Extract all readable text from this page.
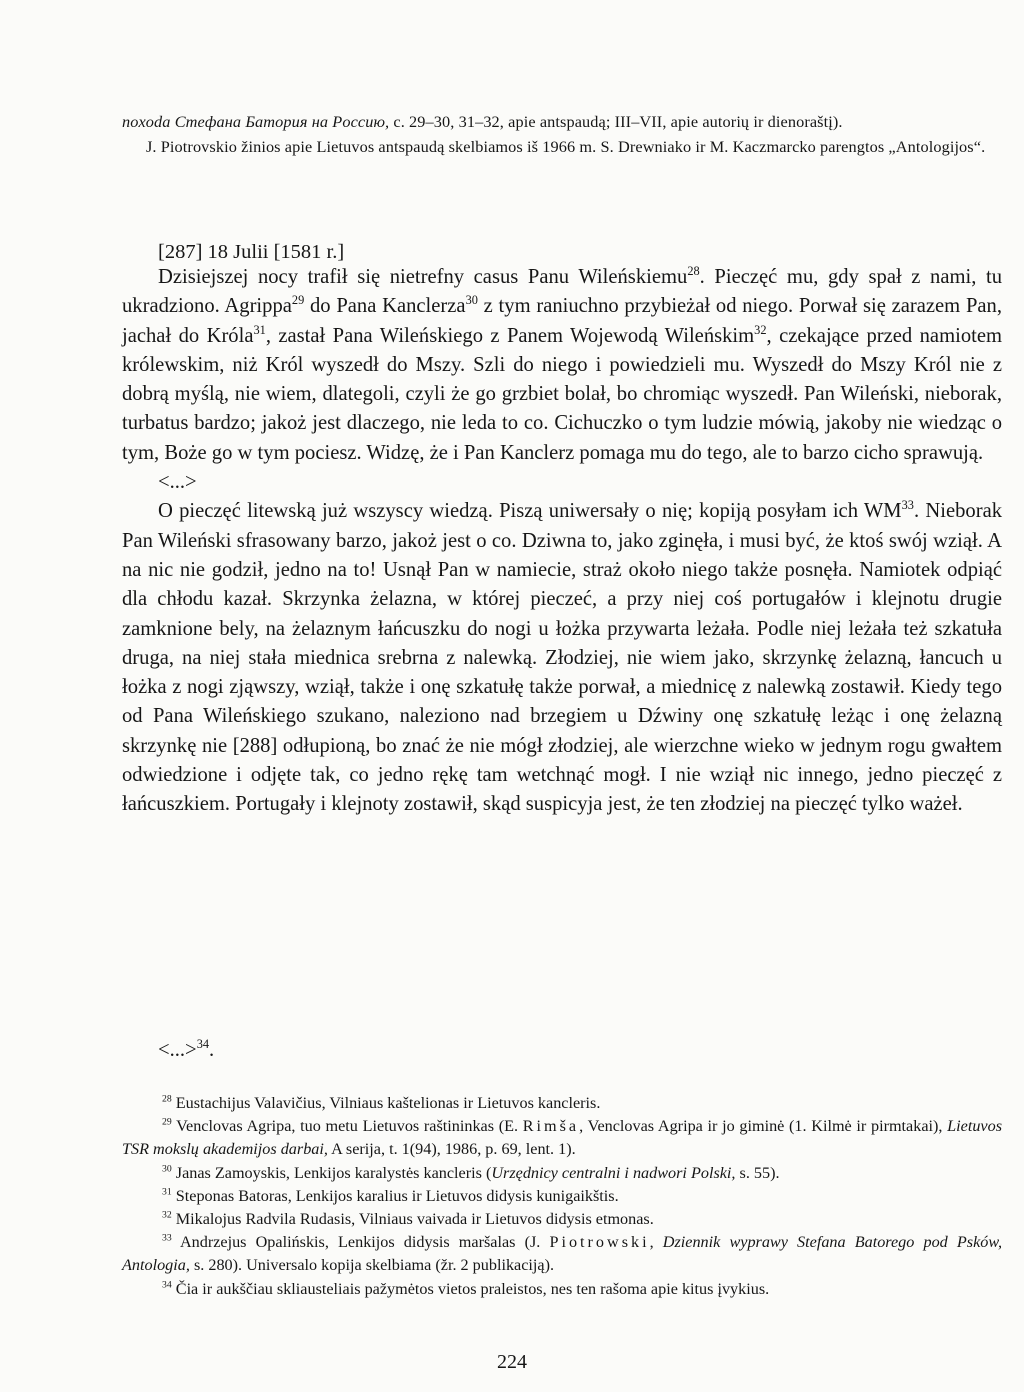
noxoda Cmeфaнa Бamopuя нa Poccuю, c. 29–30, 31–32, apie antspaudą; III–VII, apie autorių ir dienoraštį).

J. Piotrovskio žinios apie Lietuvos antspaudą skelbiamos iš 1966 m. S. Drewniako ir M. Kaczmarcko parengtos „Antologijos“.

[287] 18 Julii [1581 r.]

Dzisiejszej nocy trafił się nietrefny casus Panu Wileńskiemu$^{28}$. Pieczęć mu, gdy spał z nami, tu ukradziono. Agrippa$^{29}$ do Pana Kanclerza$^{30}$ z tym raniuchno przybieżał od niego. Porwał się zarazem Pan, jachał do Króla$^{31}$, zastał Pana Wileńskiego z Panem Wojewodą Wileńskim$^{32}$, czekające przed namiotem królewskim, niż Król wyszedł do Mszy. Szli do niego i powiedzieli mu. Wyszedł do Mszy Król nie z dobrą myślą, nie wiem, dlategoli, czyli że go grzbiet bolał, bo chromiąc wyszedł. Pan Wileński, nieborak, turbatus bardzo; jakoż jest dlaczego, nie leda to co. Cichuczko o tym ludzie mówią, jakoby nie wiedząc o tym, Boże go w tym pociesz. Widzę, że i Pan Kanclerz pomaga mu do tego, ale to barzo cicho sprawują.

<...>

O pieczęć litewską już wszyscy wiedzą. Piszą uniwersały o nię; kopiją posyłam ich WM$^{33}$. Nieborak Pan Wileński sfrasowany barzo, jakoż jest o co. Dziwna to, jako zginęła, i musi być, że ktoś swój wziął. A na nic nie godził, jedno na to! Usnął Pan w namiecie, straż około niego także posnęła. Namiotek odpiąć dla chłodu kazał. Skrzynka żelazna, w której pieczeć, a przy niej coś portugałów i klejnotu drugie zamknione bely, na żelaznym łańcuszku do nogi u łożka przywarta leżała. Podle niej leżała też szkatuła druga, na niej stała miednica srebrna z nalewką. Złodziej, nie wiem jako, skrzynkę żelazną, łancuch u łożka z nogi zjąwszy, wziął, także i onę szkatułę także porwał, a miednicę z nalewką zostawił. Kiedy tego od Pana Wileńskiego szukano, naleziono nad brzegiem u Dźwiny onę szkatułę leżąc i onę żelazną skrzynkę nie [288] odłupioną, bo znać że nie mógł złodziej, ale wierzchne wieko w jednym rogu gwałtem odwiedzione i odjęte tak, co jedno rękę tam wetchnąć mogł. I nie wziął nic innego, jedno pieczęć z łańcuszkiem. Portugały i klejnoty zostawił, skąd suspicyja jest, że ten złodziej na pieczęć tylko ważeł.

<...>$^{34}$.

$^{28}$ Eustachijus Valavičius, Vilniaus kaštelionas ir Lietuvos kancleris.

$^{29}$ Venclovas Agripa, tuo metu Lietuvos raštininkas (E. Rimša, Venclovas Agripa ir jo giminė (1. Kilmė ir pirmtakai), Lietuvos TSR mokslų akademijos darbai, A serija, t. 1(94), 1986, p. 69, lent. 1).

$^{30}$ Janas Zamoyskis, Lenkijos karalystės kancleris (Urzędnicy centralni i nadwori Polski, s. 55).

$^{31}$ Steponas Batoras, Lenkijos karalius ir Lietuvos didysis kunigaikštis.

$^{32}$ Mikalojus Radvila Rudasis, Vilniaus vaivada ir Lietuvos didysis etmonas.

$^{33}$ Andrzejus Opalińskis, Lenkijos didysis maršalas (J. Piotrowski, Dziennik wyprawy Stefana Batorego pod Psków, Antologia, s. 280). Universalo kopija skelbiama (žr. 2 publikaciją).

$^{34}$ Čia ir aukščiau skliausteliais pažymėtos vietos praleistos, nes ten rašoma apie kitus įvykius.

224
